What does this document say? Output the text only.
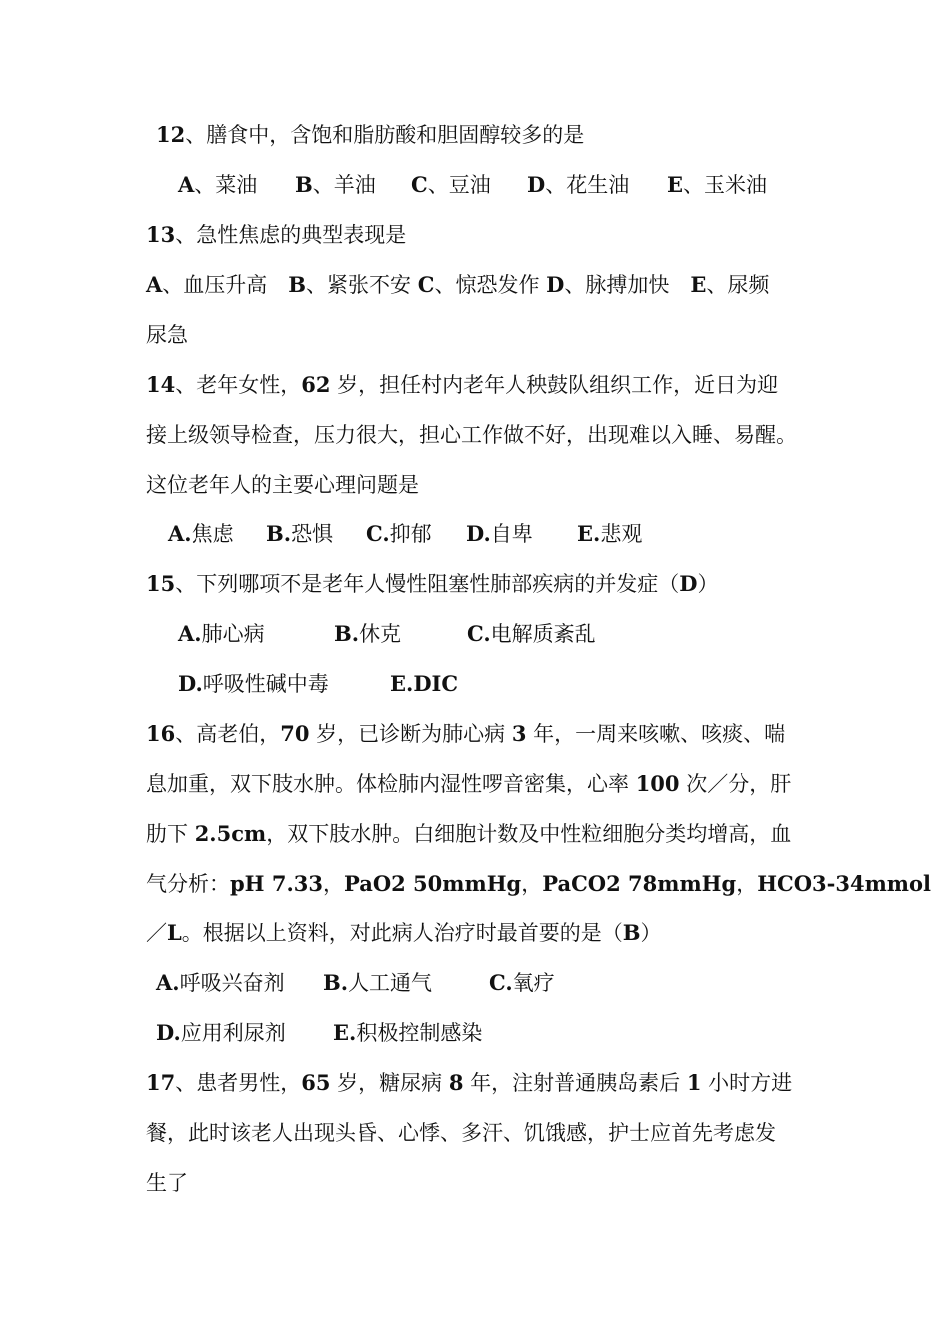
12、膳食中，含饱和脂肪酸和胆固醇较多的是
A、菜油 B、羊油 C、豆油 D、花生油 E、玉米油
13、急性焦虑的典型表现是
A、血压升高　B、紧张不安 C、惊恐发作 D、脉搏加快　E、尿频
尿急
14、老年女性，62 岁，担任村内老年人秧鼓队组织工作，近日为迎
接上级领导检查，压力很大，担心工作做不好，出现难以入睡、易醒。
这位老年人的主要心理问题是
A.焦虑 B.恐惧 C.抑郁 D.自卑 E.悲观
15、下列哪项不是老年人慢性阻塞性肺部疾病的并发症（D）
A.肺心病	B.休克	C.电解质紊乱
D.呼吸性碱中毒	E.DIC
16、高老伯，70 岁，已诊断为肺心病 3 年，一周来咳嗽、咳痰、喘
息加重，双下肢水肿。体检肺内湿性啰音密集，心率 100 次／分，肝
肋下 2.5cm，双下肢水肿。白细胞计数及中性粒细胞分类均增高，血
气分析：pH 7.33，PaO2 50mmHg，PaCO2 78mmHg，HCO3-34mmol
／L。根据以上资料，对此病人治疗时最首要的是（B）
A.呼吸兴奋剂 B.人工通气	C.氧疗
D.应用利尿剂 E.积极控制感染
17、患者男性，65 岁，糖尿病 8 年，注射普通胰岛素后 1 小时方进
餐，此时该老人出现头昏、心悸、多汗、饥饿感，护士应首先考虑发
生了
